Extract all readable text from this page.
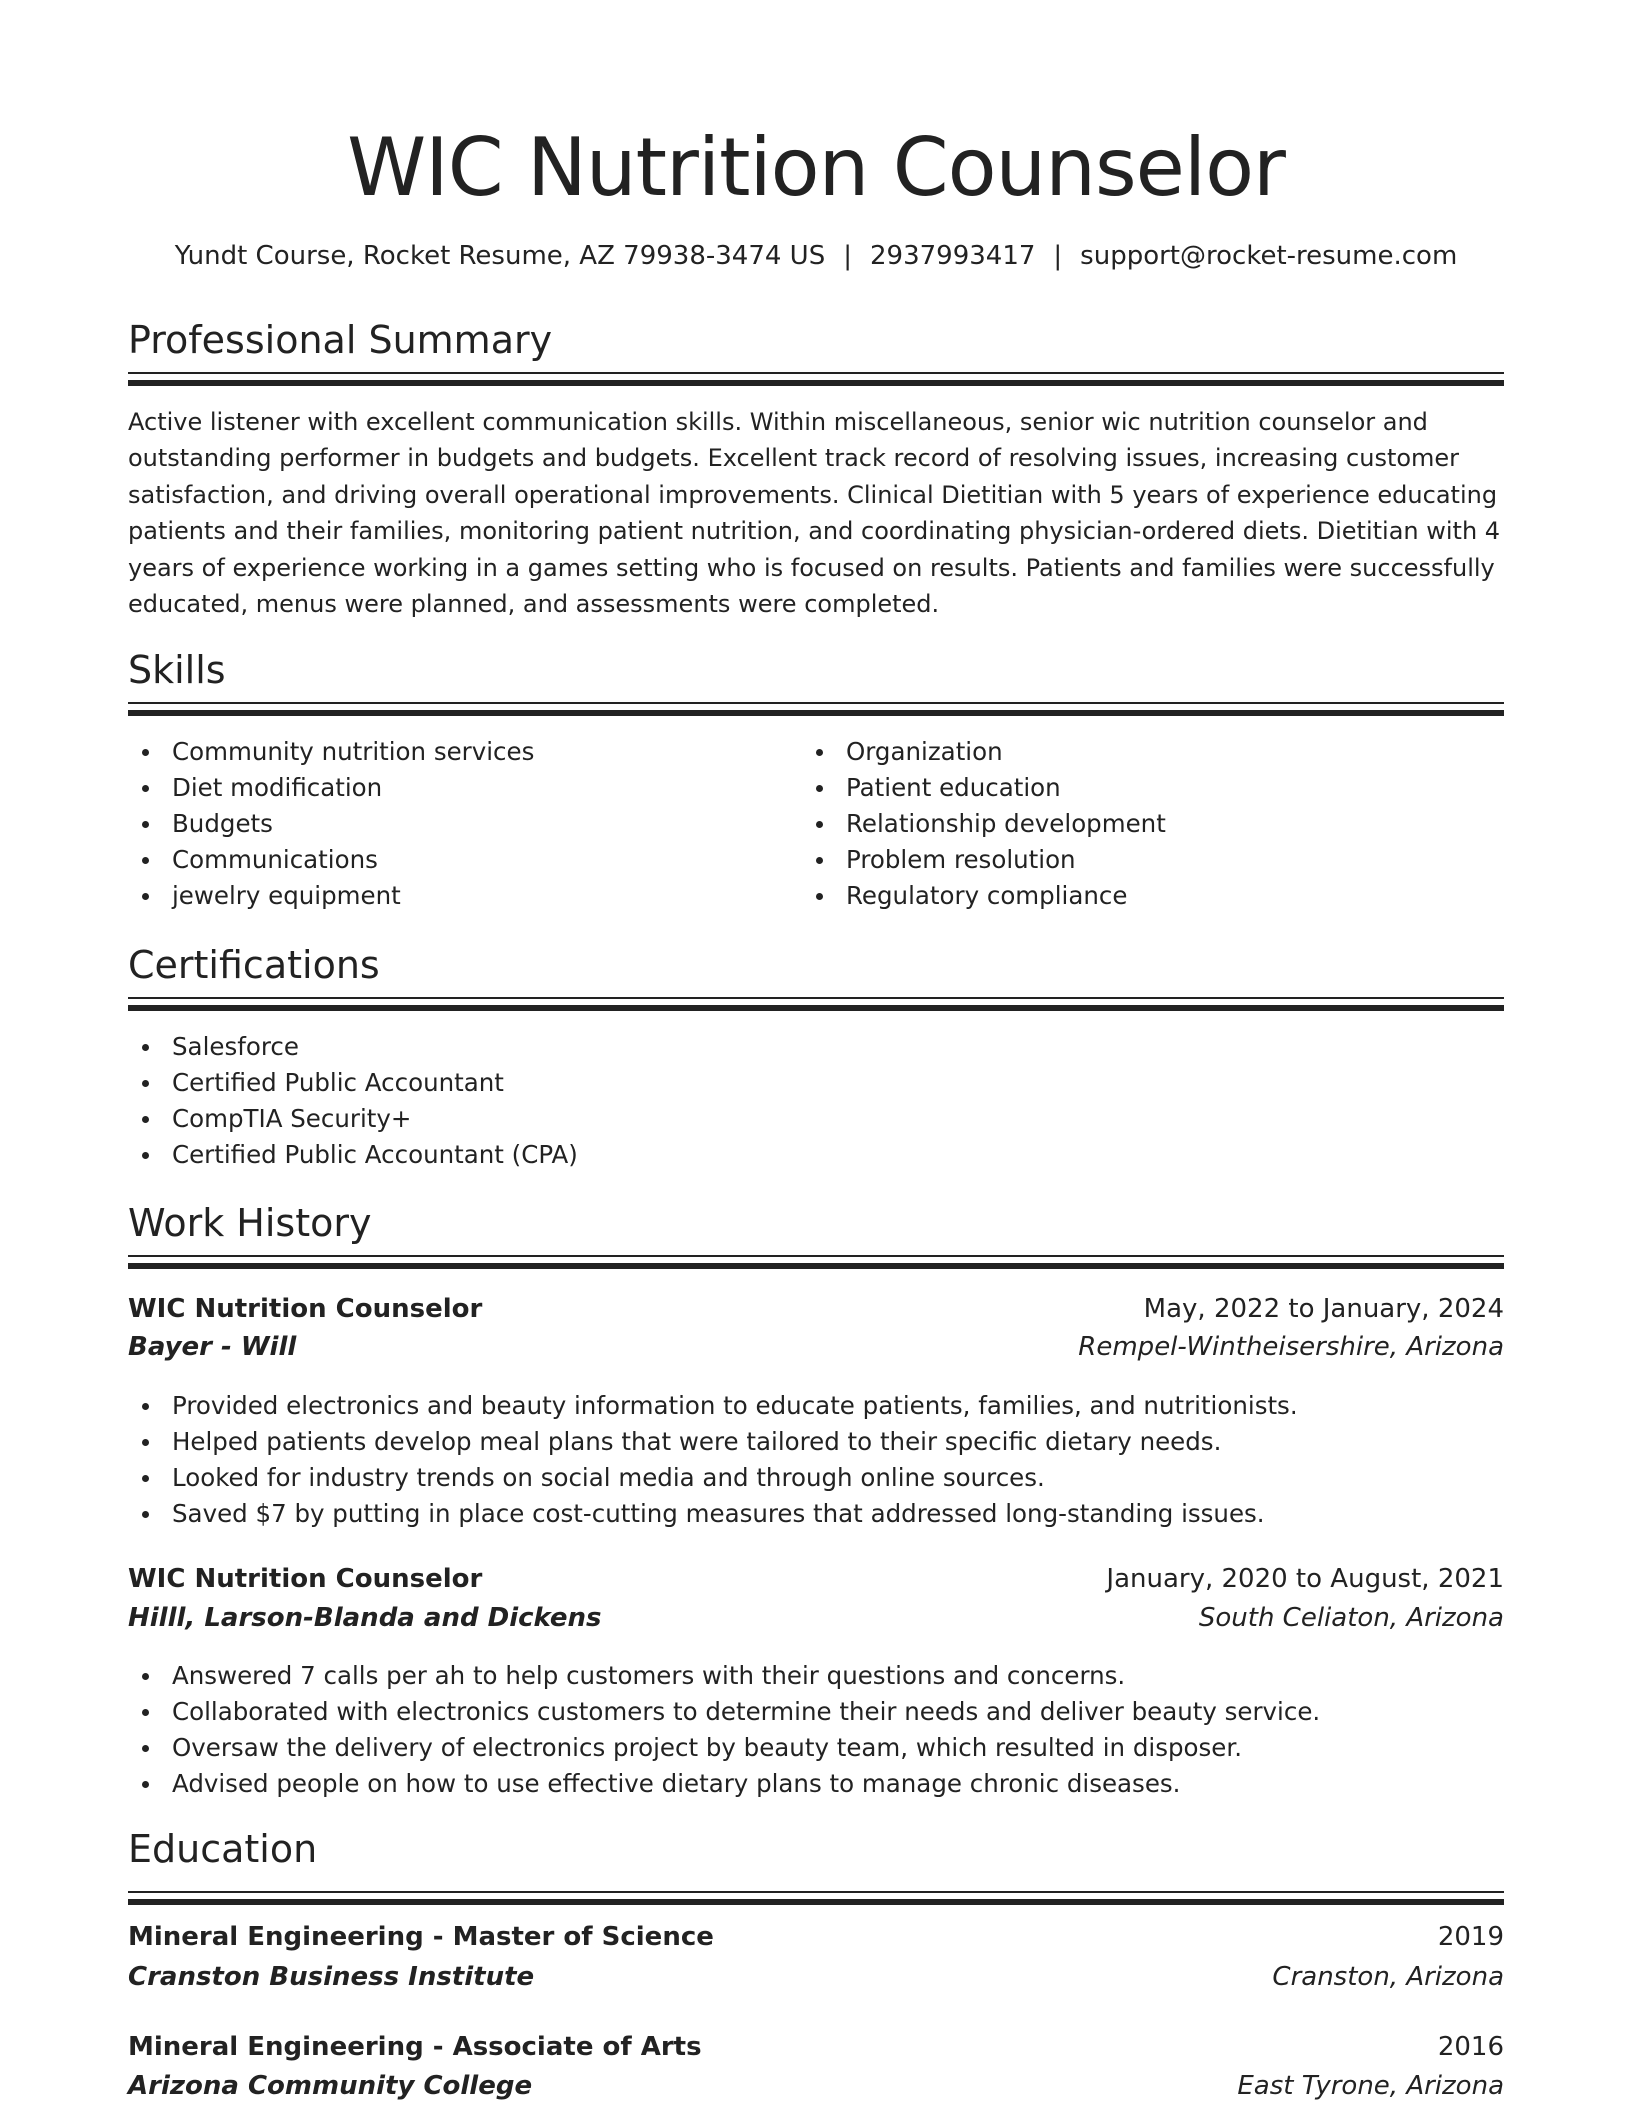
WIC Nutrition Counselor
Yundt Course, Rocket Resume, AZ 79938-3474 US | 2937993417 | support@rocket-resume.com
Professional Summary
Active listener with excellent communication skills. Within miscellaneous, senior wic nutrition counselor and
outstanding performer in budgets and budgets. Excellent track record of resolving issues, increasing customer
satisfaction, and driving overall operational improvements. Clinical Dietitian with 5 years of experience educating
patients and their families, monitoring patient nutrition, and coordinating physician-ordered diets. Dietitian with 4
years of experience working in a games setting who is focused on results. Patients and families were successfully
educated, menus were planned, and assessments were completed.
Skills
Community nutrition services
Diet modification
Budgets
Communications
jewelry equipment
Organization
Patient education
Relationship development
Problem resolution
Regulatory compliance
Certifications
Salesforce
Certified Public Accountant
CompTIA Security+
Certified Public Accountant (CPA)
Work History
WIC Nutrition Counselor	May, 2022 to January, 2024
Bayer - Will	Rempel-Wintheisershire, Arizona
Provided electronics and beauty information to educate patients, families, and nutritionists.
Helped patients develop meal plans that were tailored to their specific dietary needs.
Looked for industry trends on social media and through online sources.
Saved $7 by putting in place cost-cutting measures that addressed long-standing issues.
WIC Nutrition Counselor	January, 2020 to August, 2021
Hilll, Larson-Blanda and Dickens	South Celiaton, Arizona
Answered 7 calls per ah to help customers with their questions and concerns.
Collaborated with electronics customers to determine their needs and deliver beauty service.
Oversaw the delivery of electronics project by beauty team, which resulted in disposer.
Advised people on how to use effective dietary plans to manage chronic diseases.
Education
Mineral Engineering - Master of Science	2019
Cranston Business Institute	Cranston, Arizona
Mineral Engineering - Associate of Arts	2016
Arizona Community College	East Tyrone, Arizona
